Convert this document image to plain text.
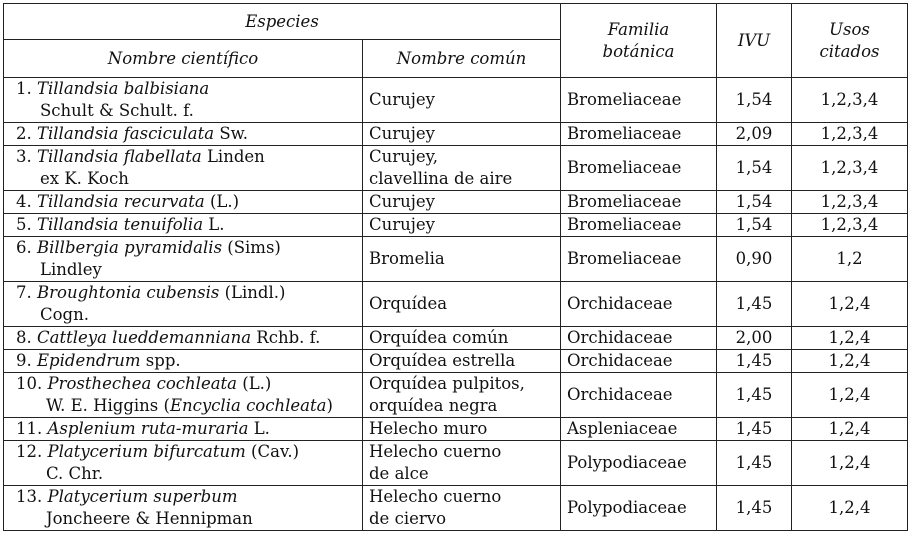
Especies		Familia
botánica	IVU	Usos
citados
Nombre científico	Nombre común			
1. Tillandsia balbisiana
Schult & Schult. f.	Curujey	Bromeliaceae	1,54	1,2,3,4
2. Tillandsia fasciculata Sw.	Curujey	Bromeliaceae	2,09	1,2,3,4
3. Tillandsia flabellata Linden
ex K. Koch	Curujey,
clavellina de aire	Bromeliaceae	1,54	1,2,3,4
4. Tillandsia recurvata (L.)	Curujey	Bromeliaceae	1,54	1,2,3,4
5. Tillandsia tenuifolia L.	Curujey	Bromeliaceae	1,54	1,2,3,4
6. Billbergia pyramidalis (Sims)
Lindley	Bromelia	Bromeliaceae	0,90	1,2
7. Broughtonia cubensis (Lindl.)
Cogn.	Orquídea	Orchidaceae	1,45	1,2,4
8. Cattleya lueddemanniana Rchb. f.	Orquídea común	Orchidaceae	2,00	1,2,4
9. Epidendrum spp.	Orquídea estrella	Orchidaceae	1,45	1,2,4
10. Prosthechea cochleata (L.)
W. E. Higgins (Encyclia cochleata)	Orquídea pulpitos,
orquídea negra	Orchidaceae	1,45	1,2,4
11. Asplenium ruta-muraria L.	Helecho muro	Aspleniaceae	1,45	1,2,4
12. Platycerium bifurcatum (Cav.)
C. Chr.	Helecho cuerno
de alce	Polypodiaceae	1,45	1,2,4
13. Platycerium superbum
Joncheere & Hennipman	Helecho cuerno
de ciervo	Polypodiaceae	1,45	1,2,4
